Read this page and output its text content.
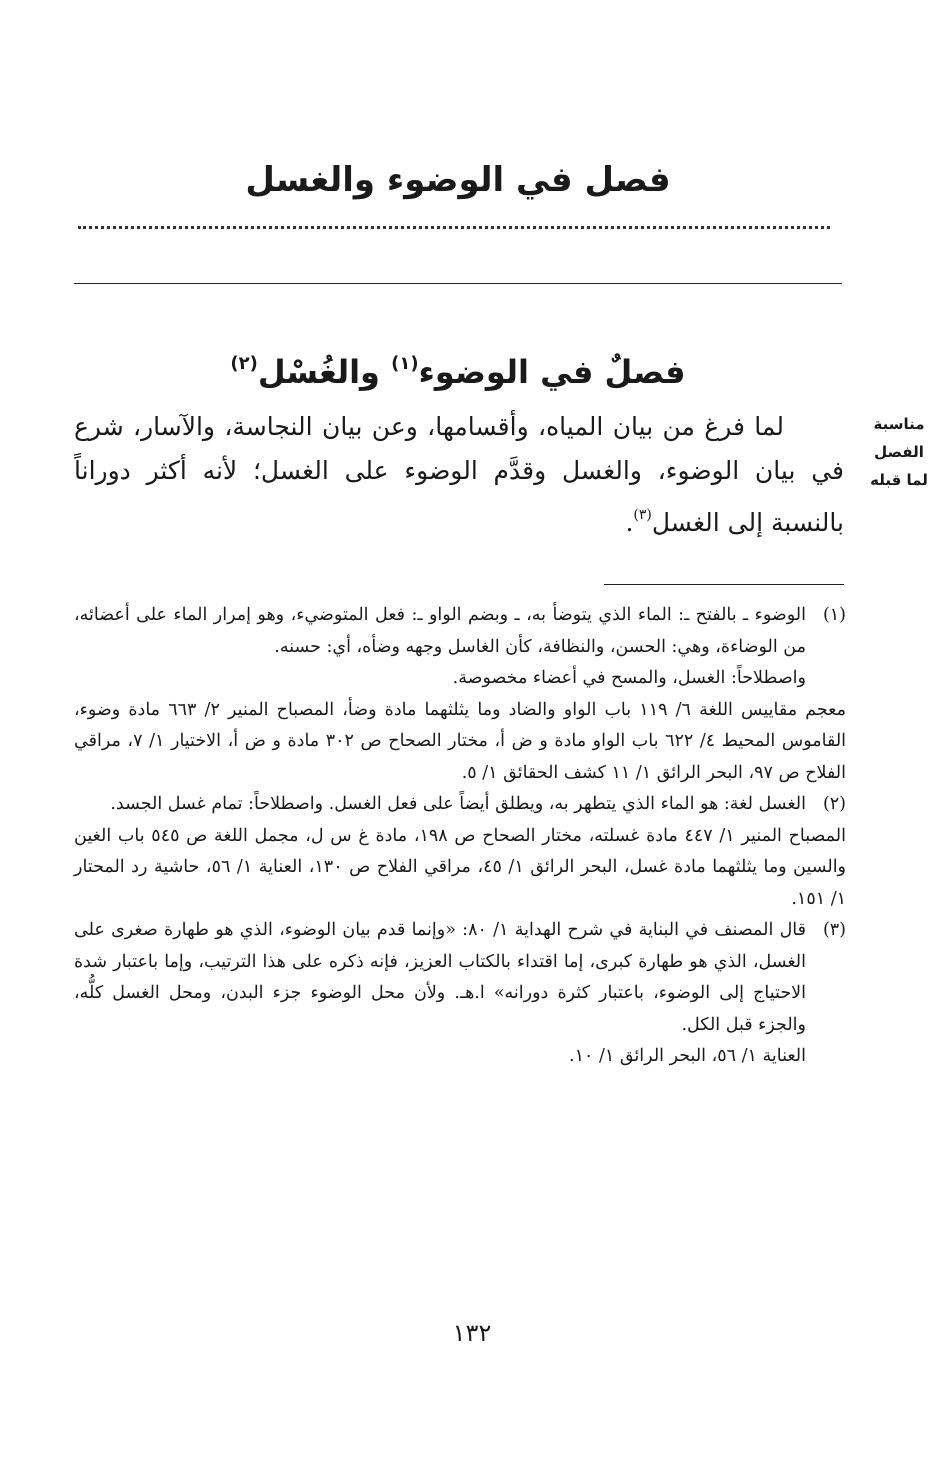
فصل في الوضوء والغسل
فصلٌ في الوضوء$^{(١)}$ والغُسْل$^{(٢)}$
مناسبة
الفصل
لما قبله

لما فرغ من بيان المياه، وأقسامها، وعن بيان النجاسة، والآسار، شرع في بيان الوضوء، والغسل وقدَّم الوضوء على الغسل؛ لأنه أكثر دوراناً بالنسبة إلى الغسل$^{(٣)}$.

(١)

الوضوء ـ بالفتح ـ: الماء الذي يتوضأ به، ـ وبضم الواو ـ: فعل المتوضيء، وهو إمرار الماء على أعضائه، من الوضاءة، وهي: الحسن، والنظافة، كأن الغاسل وجهه وضأه، أي: حسنه.

واصطلاحاً: الغسل، والمسح في أعضاء مخصوصة.

معجم مقاييس اللغة ٦/ ١١٩ باب الواو والضاد وما يثلثهما مادة وضأ، المصباح المنير ٢/ ٦٦٣ مادة وضوء، القاموس المحيط ٤/ ٦٢٢ باب الواو مادة و ض أ، مختار الصحاح ص ٣٠٢ مادة و ض أ، الاختيار ١/ ٧، مراقي الفلاح ص ٩٧، البحر الرائق ١/ ١١ كشف الحقائق ١/ ٥.

(٢)

الغسل لغة: هو الماء الذي يتطهر به، ويطلق أيضاً على فعل الغسل. واصطلاحاً: تمام غسل الجسد.

المصباح المنير ١/ ٤٤٧ مادة غسلته، مختار الصحاح ص ١٩٨، مادة غ س ل، مجمل اللغة ص ٥٤٥ باب الغين والسين وما يثلثهما مادة غسل، البحر الرائق ١/ ٤٥، مراقي الفلاح ص ١٣٠، العناية ١/ ٥٦، حاشية رد المحتار ١/ ١٥١.

(٣)

قال المصنف في البناية في شرح الهداية ١/ ٨٠: «وإنما قدم بيان الوضوء، الذي هو طهارة صغرى على الغسل، الذي هو طهارة كبرى، إما اقتداء بالكتاب العزيز، فإنه ذكره على هذا الترتيب، وإما باعتبار شدة الاحتياج إلى الوضوء، باعتبار كثرة دورانه» ا.هـ. ولأن محل الوضوء جزء البدن، ومحل الغسل كلُّه، والجزء قبل الكل.

العناية ١/ ٥٦، البحر الرائق ١/ ١٠.

١٣٢
